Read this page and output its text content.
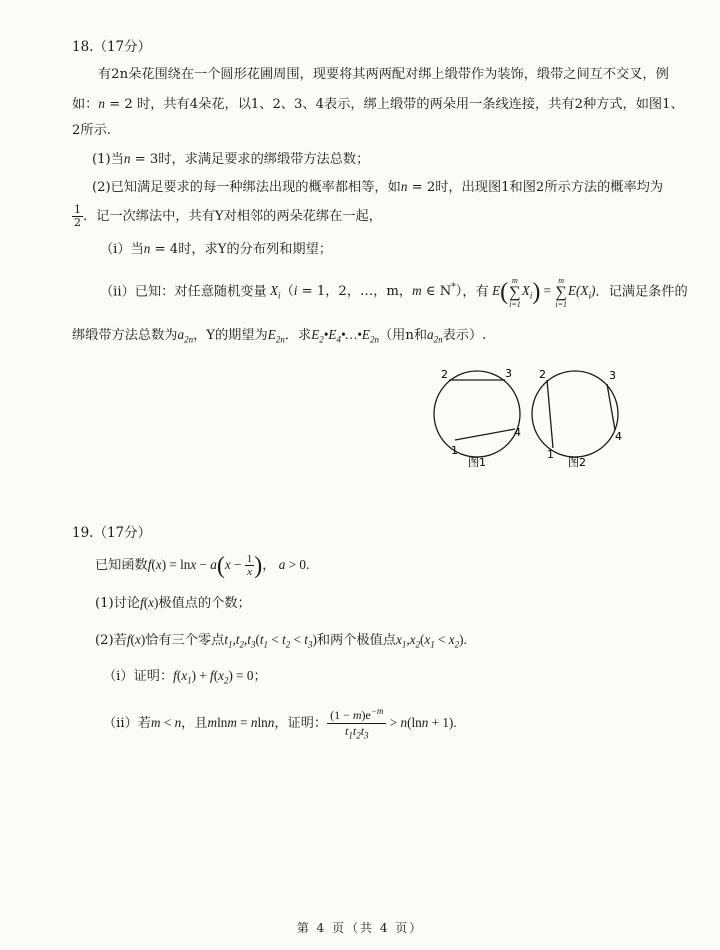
18.（17分）
有2n朵花围绕在一个圆形花圃周围，现要将其两两配对绑上缎带作为装饰，缎带之间互不交叉，例
如：n = 2 时，共有4朵花，以1、2、3、4表示，绑上缎带的两朵用一条线连接，共有2种方式，如图1、
2所示.
(1)当n = 3时，求满足要求的绑缎带方法总数；
(2)已知满足要求的每一种绑法出现的概率都相等，如n = 2时，出现图1和图2所示方法的概率均为
$\frac{1}{2}$ ．记一次绑法中，共有Y对相邻的两朵花绑在一起，
（i）当n = 4时，求Y的分布列和期望；
（ii）已知：对任意随机变量 $X_i(i = 1$，2，…，m，m ∈ N*），有 E( m
∑
$i=1X_i) = m$
∑
$i=1E(X_i)$．记满足条件的
绑缎带方法总数为$a_{2n}$，Y的期望为$E_{2n}$．求$E_2•E_4•\dots•E_{2n}$（用n和$a_{2n}$表示）.
2	3
1
4
图1
2	3
1
4
图2
19.（17分）
已知函数$f(x) = \ln x - a(x - \frac{1}{x}$ )， a > 0.
(1)讨论f(x)极值点的个数；
(2)若f(x)恰有三个零点$t_1,t_2,t_3(t_1 < t_2 < t_3)$和两个极值点$x_1,x_2(x_1 < x_2)$.
（i）证明：$f(x_1) + f(x_2) = 0$；
（ii）若m < n，且mlnm = nlnn，证明： $\frac{(1 - m)e^{-m}}{t_1t_2t_3} > n(\ln n + 1)$.
第 4 页（共 4 页）
